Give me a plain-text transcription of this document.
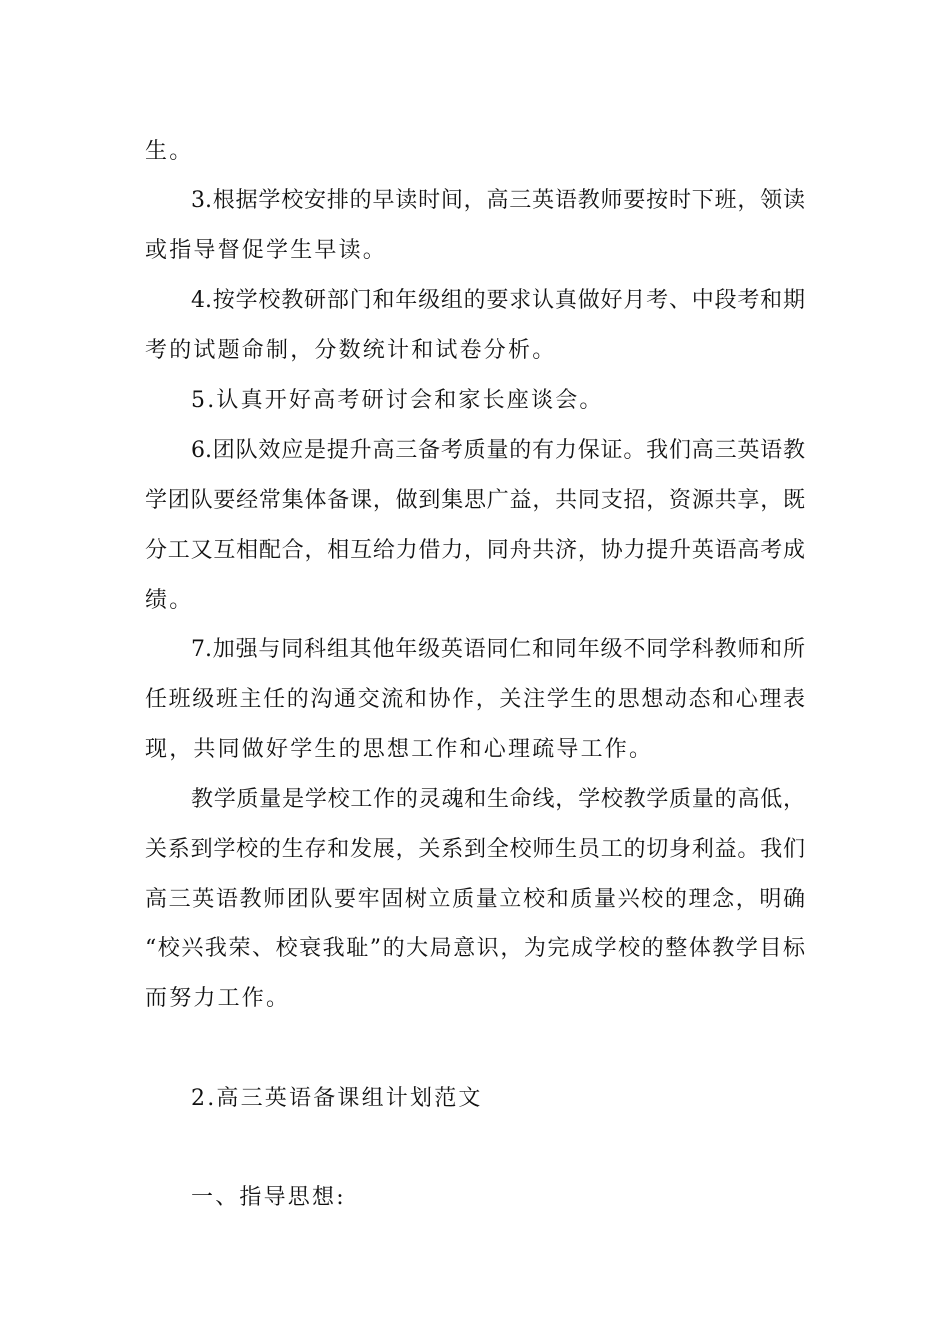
生。
3.根据学校安排的早读时间，高三英语教师要按时下班，领读
或指导督促学生早读。
4.按学校教研部门和年级组的要求认真做好月考、中段考和期
考的试题命制，分数统计和试卷分析。
5.认真开好高考研讨会和家长座谈会。
6.团队效应是提升高三备考质量的有力保证。我们高三英语教
学团队要经常集体备课，做到集思广益，共同支招，资源共享，既
分工又互相配合，相互给力借力，同舟共济，协力提升英语高考成
绩。
7.加强与同科组其他年级英语同仁和同年级不同学科教师和所
任班级班主任的沟通交流和协作，关注学生的思想动态和心理表
现，共同做好学生的思想工作和心理疏导工作。
教学质量是学校工作的灵魂和生命线，学校教学质量的高低，
关系到学校的生存和发展，关系到全校师生员工的切身利益。我们
高三英语教师团队要牢固树立质量立校和质量兴校的理念，明确
“校兴我荣、校衰我耻”的大局意识，为完成学校的整体教学目标
而努力工作。
2.高三英语备课组计划范文
一、指导思想:
